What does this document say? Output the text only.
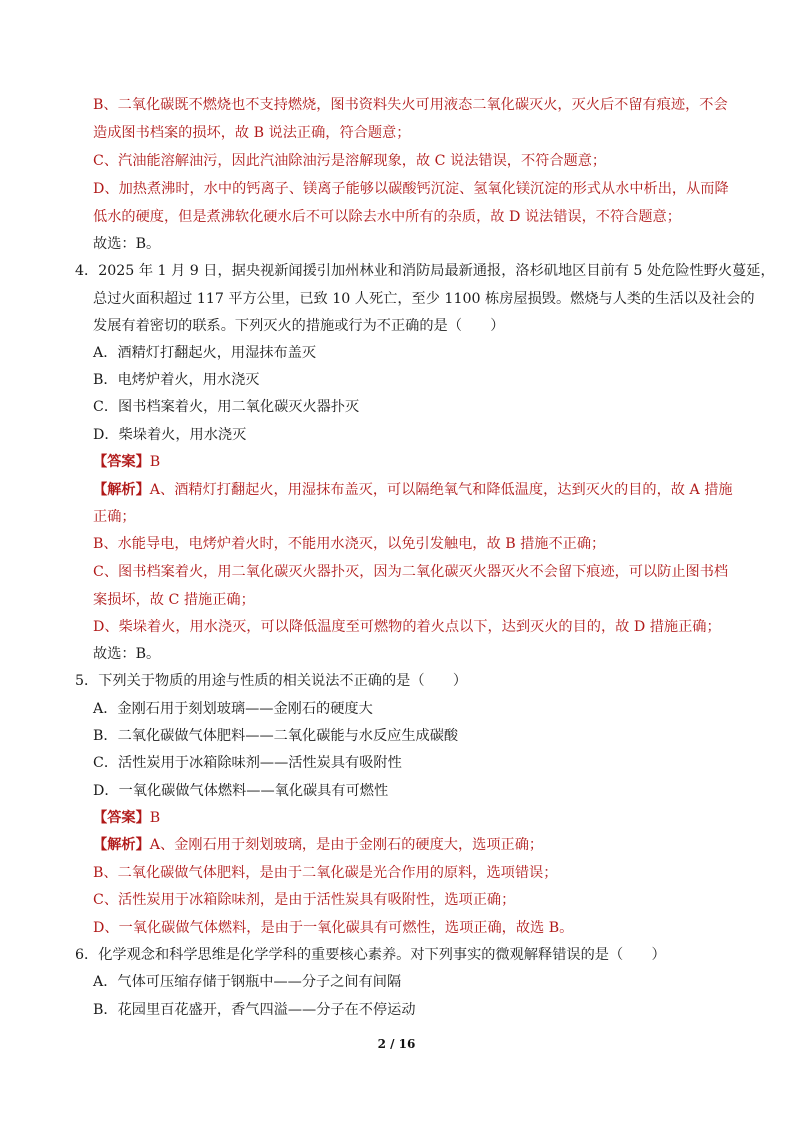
B、二氧化碳既不燃烧也不支持燃烧，图书资料失火可用液态二氧化碳灭火，灭火后不留有痕迹，不会
造成图书档案的损坏，故 B 说法正确，符合题意；
C、汽油能溶解油污，因此汽油除油污是溶解现象，故 C 说法错误，不符合题意；
D、加热煮沸时，水中的钙离子、镁离子能够以碳酸钙沉淀、氢氧化镁沉淀的形式从水中析出，从而降
低水的硬度，但是煮沸软化硬水后不可以除去水中所有的杂质，故 D 说法错误，不符合题意；
故选：B。
4．2025 年 1 月 9 日，据央视新闻援引加州林业和消防局最新通报，洛杉矶地区目前有 5 处危险性野火蔓延，
总过火面积超过 117 平方公里，已致 10 人死亡，至少 1100 栋房屋损毁。燃烧与人类的生活以及社会的
发展有着密切的联系。下列灭火的措施或行为不正确的是（　　）
A．酒精灯打翻起火，用湿抹布盖灭
B．电烤炉着火，用水浇灭
C．图书档案着火，用二氧化碳灭火器扑灭
D．柴垛着火，用水浇灭
【答案】B
【解析】A、酒精灯打翻起火，用湿抹布盖灭，可以隔绝氧气和降低温度，达到灭火的目的，故 A 措施
正确；
B、水能导电，电烤炉着火时，不能用水浇灭，以免引发触电，故 B 措施不正确；
C、图书档案着火，用二氧化碳灭火器扑灭，因为二氧化碳灭火器灭火不会留下痕迹，可以防止图书档
案损坏，故 C 措施正确；
D、柴垛着火，用水浇灭，可以降低温度至可燃物的着火点以下，达到灭火的目的，故 D 措施正确；
故选：B。
5．下列关于物质的用途与性质的相关说法不正确的是（　　）
A．金刚石用于刻划玻璃——金刚石的硬度大
B．二氧化碳做气体肥料——二氧化碳能与水反应生成碳酸
C．活性炭用于冰箱除味剂——活性炭具有吸附性
D．一氧化碳做气体燃料——氧化碳具有可燃性
【答案】B
【解析】A、金刚石用于刻划玻璃，是由于金刚石的硬度大，选项正确；
B、二氧化碳做气体肥料，是由于二氧化碳是光合作用的原料，选项错误；
C、活性炭用于冰箱除味剂，是由于活性炭具有吸附性，选项正确；
D、一氧化碳做气体燃料，是由于一氧化碳具有可燃性，选项正确，故选 B。
6．化学观念和科学思维是化学学科的重要核心素养。对下列事实的微观解释错误的是（　　）
A．气体可压缩存储于钢瓶中——分子之间有间隔
B．花园里百花盛开，香气四溢——分子在不停运动
2 / 16
